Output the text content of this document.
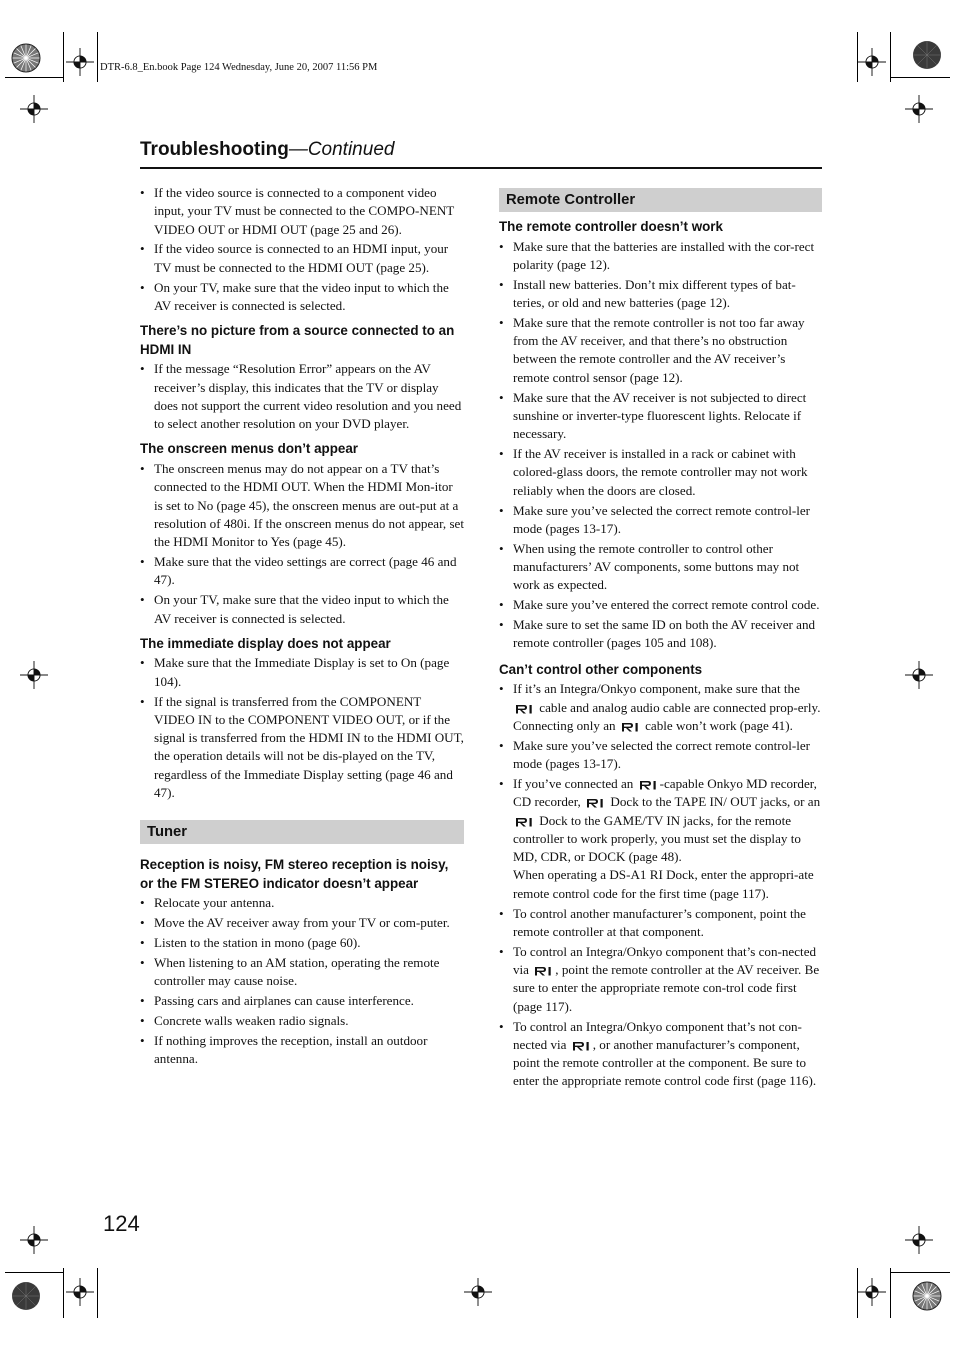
DTR-6.8_En.book Page 124 Wednesday, June 20, 2007 11:56 PM
Troubleshooting—Continued
• If the video source is connected to a component video input, your TV must be connected to the COMPO-NENT VIDEO OUT or HDMI OUT (page 25 and 26).
• If the video source is connected to an HDMI input, your TV must be connected to the HDMI OUT (page 25).
• On your TV, make sure that the video input to which the AV receiver is connected is selected.
There’s no picture from a source connected to an HDMI IN
• If the message “Resolution Error” appears on the AV receiver’s display, this indicates that the TV or display does not support the current video resolution and you need to select another resolution on your DVD player.
The onscreen menus don’t appear
• The onscreen menus may do not appear on a TV that’s connected to the HDMI OUT. When the HDMI Mon-itor is set to No (page 45), the onscreen menus are out-put at a resolution of 480i. If the onscreen menus do not appear, set the HDMI Monitor to Yes (page 45).
• Make sure that the video settings are correct (page 46 and 47).
• On your TV, make sure that the video input to which the AV receiver is connected is selected.
The immediate display does not appear
• Make sure that the Immediate Display is set to On (page 104).
• If the signal is transferred from the COMPONENT VIDEO IN to the COMPONENT VIDEO OUT, or if the signal is transferred from the HDMI IN to the HDMI OUT, the operation details will not be dis-played on the TV, regardless of the Immediate Display setting (page 46 and 47).
Tuner
Reception is noisy, FM stereo reception is noisy, or the FM STEREO indicator doesn’t appear
• Relocate your antenna.
• Move the AV receiver away from your TV or com-puter.
• Listen to the station in mono (page 60).
• When listening to an AM station, operating the remote controller may cause noise.
• Passing cars and airplanes can cause interference.
• Concrete walls weaken radio signals.
• If nothing improves the reception, install an outdoor antenna.
Remote Controller
The remote controller doesn’t work
• Make sure that the batteries are installed with the cor-rect polarity (page 12).
• Install new batteries. Don’t mix different types of bat-teries, or old and new batteries (page 12).
• Make sure that the remote controller is not too far away from the AV receiver, and that there’s no obstruction between the remote controller and the AV receiver’s remote control sensor (page 12).
• Make sure that the AV receiver is not subjected to direct sunshine or inverter-type fluorescent lights. Relocate if necessary.
• If the AV receiver is installed in a rack or cabinet with colored-glass doors, the remote controller may not work reliably when the doors are closed.
• Make sure you’ve selected the correct remote control-ler mode (pages 13-17).
• When using the remote controller to control other manufacturers’ AV components, some buttons may not work as expected.
• Make sure you’ve entered the correct remote control code.
• Make sure to set the same ID on both the AV receiver and remote controller (pages 105 and 108).
Can’t control other components
• If it’s an Integra/Onkyo component, make sure that the  cable and analog audio cable are connected prop-erly. Connecting only an cable won’t work (page 41).
• Make sure you’ve selected the correct remote control-ler mode (pages 13-17).
• If you’ve connected an -capable Onkyo MD recorder, CD recorder, Dock to the TAPE IN/ OUT jacks, or an  Dock to the GAME/TV IN jacks, for the remote controller to work properly, you must set the display to MD, CDR, or DOCK (page 48).
When operating a DS-A1 RI Dock, enter the appropri-ate remote control code for the first time (page 117).
• To control another manufacturer’s component, point the remote controller at that component.
• To control an Integra/Onkyo component that’s con-nected via , point the remote controller at the AV receiver. Be sure to enter the appropriate remote con-trol code first (page 117).
• To control an Integra/Onkyo component that’s not con-nected via , or another manufacturer’s component, point the remote controller at the component. Be sure to enter the appropriate remote control code first (page 116).
124
